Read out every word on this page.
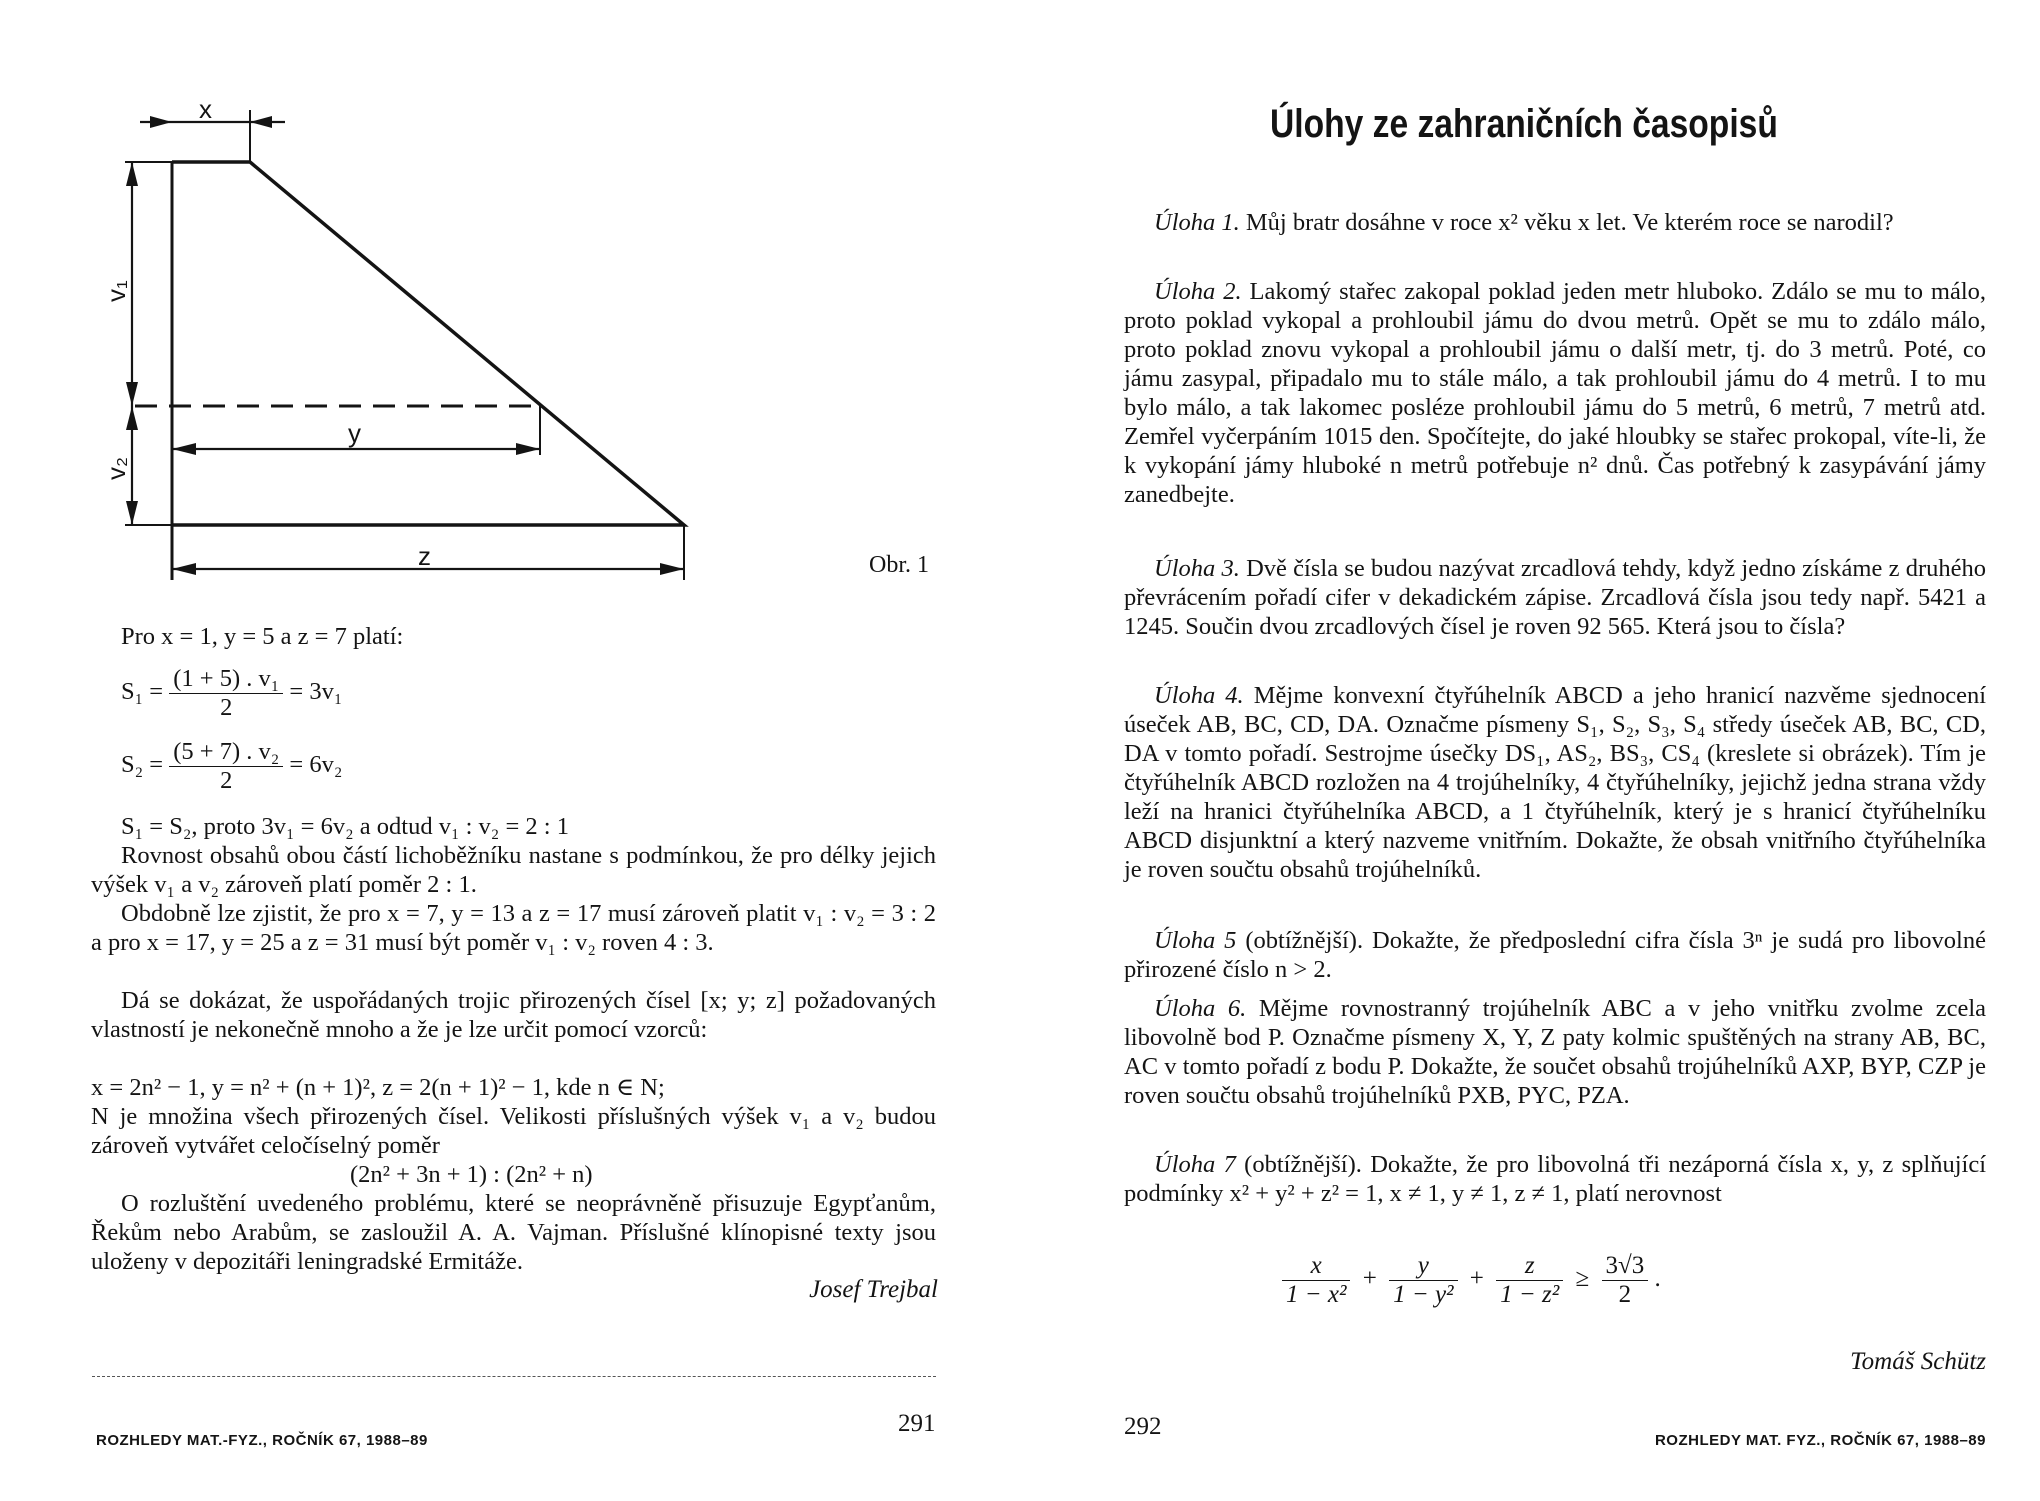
x
v₁
v₂
y
z	Obr. 1

Pro x = 1, y = 5 a z = 7 platí:

$S_1 = \frac{\text{(1 + 5) . v₁}}{2} = 3v_1$
$S_2 = \frac{\text{(5 + 7) . v₂}}{2} = 6v_2$

S₁ = S₂, proto 3v₁ = 6v₂ a odtud v₁ : v₂ = 2 : 1

Rovnost obsahů obou částí lichoběžníku nastane s podmínkou, že pro délky jejich výšek v₁ a v₂ zároveň platí poměr 2 : 1.

Obdobně lze zjistit, že pro x = 7, y = 13 a z = 17 musí zároveň platit v₁ : v₂ = 3 : 2 a pro x = 17, y = 25 a z = 31 musí být poměr v₁ : v₂ roven 4 : 3.

Dá se dokázat, že uspořádaných trojic přirozených čísel [x; y; z] požadovaných vlastností je nekonečně mnoho a že je lze určit pomocí vzorců:

x = 2n² − 1, y = n² + (n + 1)², z = 2(n + 1)² − 1, kde n ∈ N;

N je množina všech přirozených čísel. Velikosti příslušných výšek v₁ a v₂ budou zároveň vytvářet celočíselný poměr

(2n² + 3n + 1) : (2n² + n)

O rozluštění uvedeného problému, které se neoprávněně přisuzuje Egypťanům, Řekům nebo Arabům, se zasloužil A. A. Vajman. Příslušné klínopisné texty jsou uloženy v depozitáři leningradské Ermitáže.

Josef Trejbal
ROZHLEDY MAT.-FYZ., ROČNÍK 67, 1988–89
291
Úlohy ze zahraničních časopisů

Úloha 1. Můj bratr dosáhne v roce x² věku x let. Ve kterém roce se narodil?

Úloha 2. Lakomý stařec zakopal poklad jeden metr hluboko. Zdálo se mu to málo, proto poklad vykopal a prohloubil jámu do dvou metrů. Opět se mu to zdálo málo, proto poklad znovu vykopal a prohloubil jámu o další metr, tj. do 3 metrů. Poté, co jámu zasypal, připadalo mu to stále málo, a tak prohloubil jámu do 4 metrů. I to mu bylo málo, a tak lakomec posléze prohloubil jámu do 5 metrů, 6 metrů, 7 metrů atd. Zemřel vyčerpáním 1015 den. Spočítejte, do jaké hloubky se stařec prokopal, víte-li, že k vykopání jámy hluboké n metrů potřebuje n² dnů. Čas potřebný k zasypávání jámy zanedbejte.

Úloha 3. Dvě čísla se budou nazývat zrcadlová tehdy, když jedno získáme z druhého převrácením pořadí cifer v dekadickém zápise. Zrcadlová čísla jsou tedy např. 5421 a 1245. Součin dvou zrcadlových čísel je roven 92 565. Která jsou to čísla?

Úloha 4. Mějme konvexní čtyřúhelník ABCD a jeho hranicí nazvěme sjednocení úseček AB, BC, CD, DA. Označme písmeny S₁, S₂, S₃, S₄ středy úseček AB, BC, CD, DA v tomto pořadí. Sestrojme úsečky DS₁, AS₂, BS₃, CS₄ (kreslete si obrázek). Tím je čtyřúhelník ABCD rozložen na 4 trojúhelníky, 4 čtyřúhelníky, jejichž jedna strana vždy leží na hranici čtyřúhelníka ABCD, a 1 čtyřúhelník, který je s hranicí čtyřúhelníku ABCD disjunktní a který nazveme vnitřním. Dokažte, že obsah vnitřního čtyřúhelníka je roven součtu obsahů trojúhelníků.

Úloha 5 (obtížnější). Dokažte, že předposlední cifra čísla 3ⁿ je sudá pro libovolné přirozené číslo n > 2.

Úloha 6. Mějme rovnostranný trojúhelník ABC a v jeho vnitřku zvolme zcela libovolně bod P. Označme písmeny X, Y, Z paty kolmic spuštěných na strany AB, BC, AC v tomto pořadí z bodu P. Dokažte, že součet obsahů trojúhelníků AXP, BYP, CZP je roven součtu obsahů trojúhelníků PXB, PYC, PZA.

Úloha 7 (obtížnější). Dokažte, že pro libovolná tři nezáporná čísla x, y, z splňující podmínky x² + y² + z² = 1, x ≠ 1, y ≠ 1, z ≠ 1, platí nerovnost

$\frac{x}{\text{1 − x²}} + \frac{y}{\text{1 − y²}} + \frac{z}{\text{1 − z²}} \ge \frac{3√3}{2}$ .
Tomáš Schütz
292
ROZHLEDY MAT. FYZ., ROČNÍK 67, 1988–89
